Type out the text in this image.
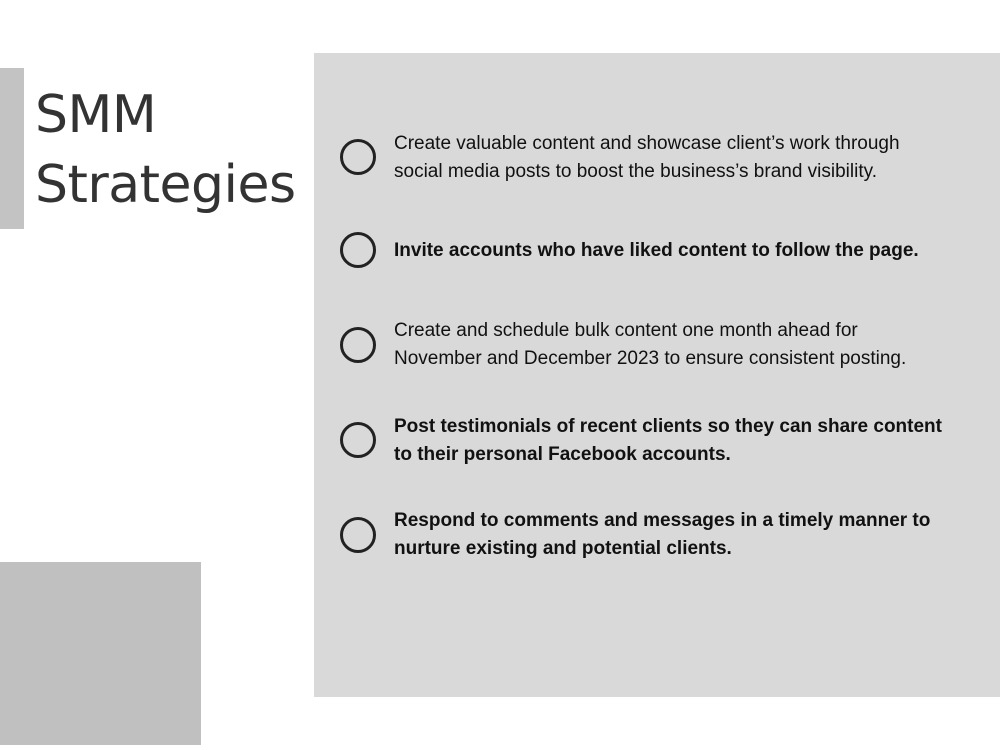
SMM
Strategies
Create valuable content and showcase client’s work through
social media posts to boost the business’s brand visibility.
Invite accounts who have liked content to follow the page.
Create and schedule bulk content one month ahead for
November and December 2023 to ensure consistent posting.
Post testimonials of recent clients so they can share content
to their personal Facebook accounts.
Respond to comments and messages in a timely manner to
nurture existing and potential clients.
